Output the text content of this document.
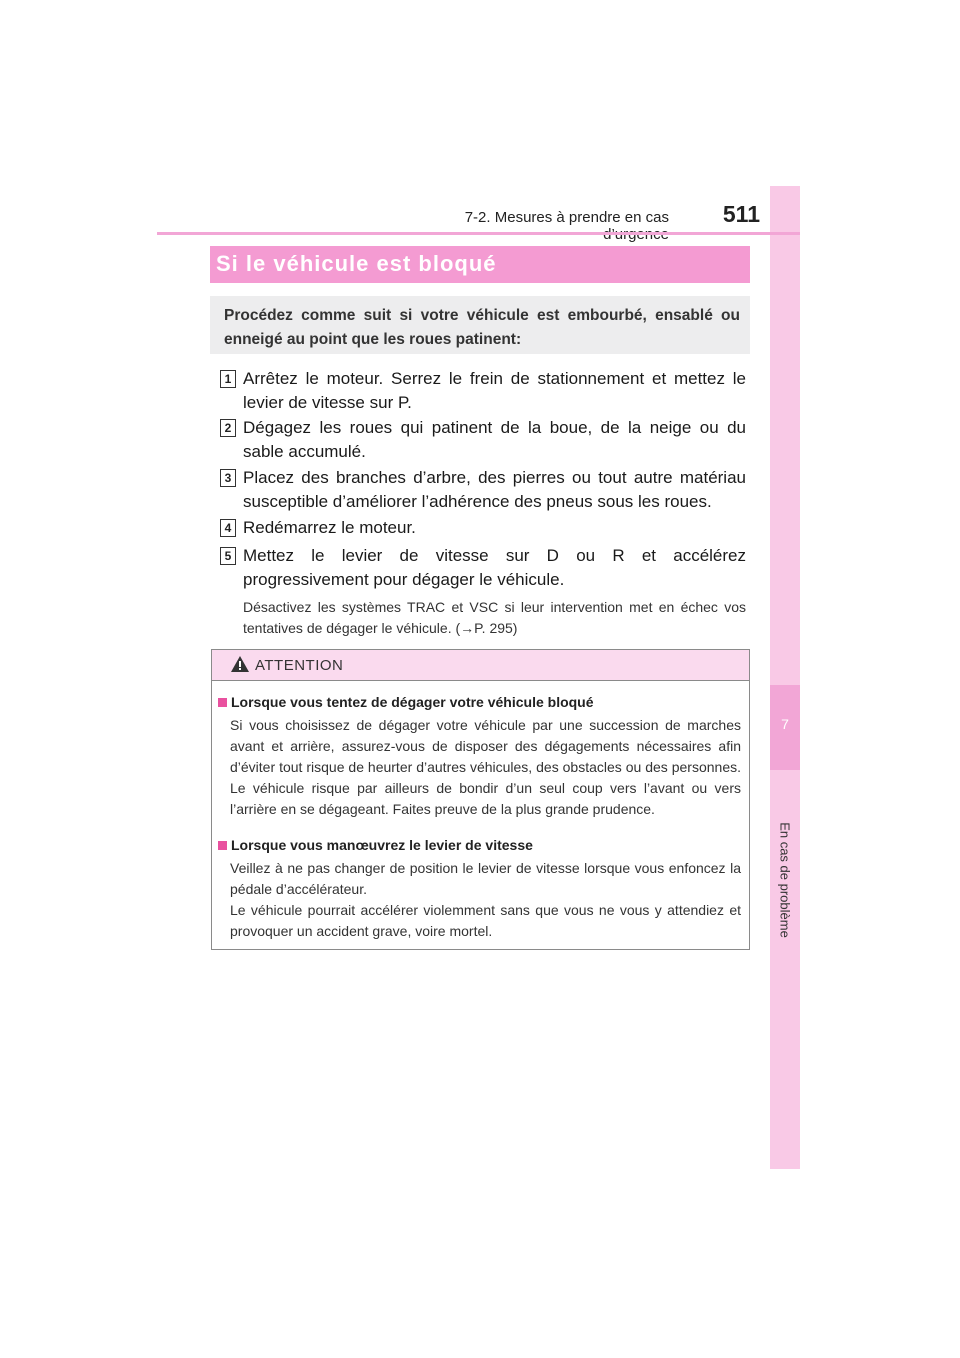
7
En cas de problème
7-2. Mesures à prendre en cas	511
Si le véhicule est bloqué
Procédez comme suit si votre véhicule est embourbé, ensablé ou enneigé au point que les roues patinent:
1 Arrêtez le moteur. Serrez le frein de stationnement et mettez le levier de vitesse sur P.
2 Dégagez les roues qui patinent de la boue, de la neige ou du sable accumulé.
3 Placez des branches d’arbre, des pierres ou tout autre matériau susceptible d’améliorer l’adhérence des pneus sous les roues.
4 Redémarrez le moteur.
5 Mettez le levier de vitesse sur D ou R et accélérez progressivement pour dégager le véhicule.
Désactivez les systèmes TRAC et VSC si leur intervention met en échec vos tentatives de dégager le véhicule. (→P. 295)
ATTENTION
Lorsque vous tentez de dégager votre véhicule bloqué
Si vous choisissez de dégager votre véhicule par une succession de marches avant et arrière, assurez-vous de disposer des dégagements nécessaires afin d’éviter tout risque de heurter d’autres véhicules, des obstacles ou des personnes. Le véhicule risque par ailleurs de bondir d’un seul coup vers l’avant ou vers l’arrière en se dégageant. Faites preuve de la plus grande prudence.
Lorsque vous manœuvrez le levier de vitesse
Veillez à ne pas changer de position le levier de vitesse lorsque vous enfoncez la pédale d’accélérateur.
Le véhicule pourrait accélérer violemment sans que vous ne vous y attendiez et provoquer un accident grave, voire mortel.
